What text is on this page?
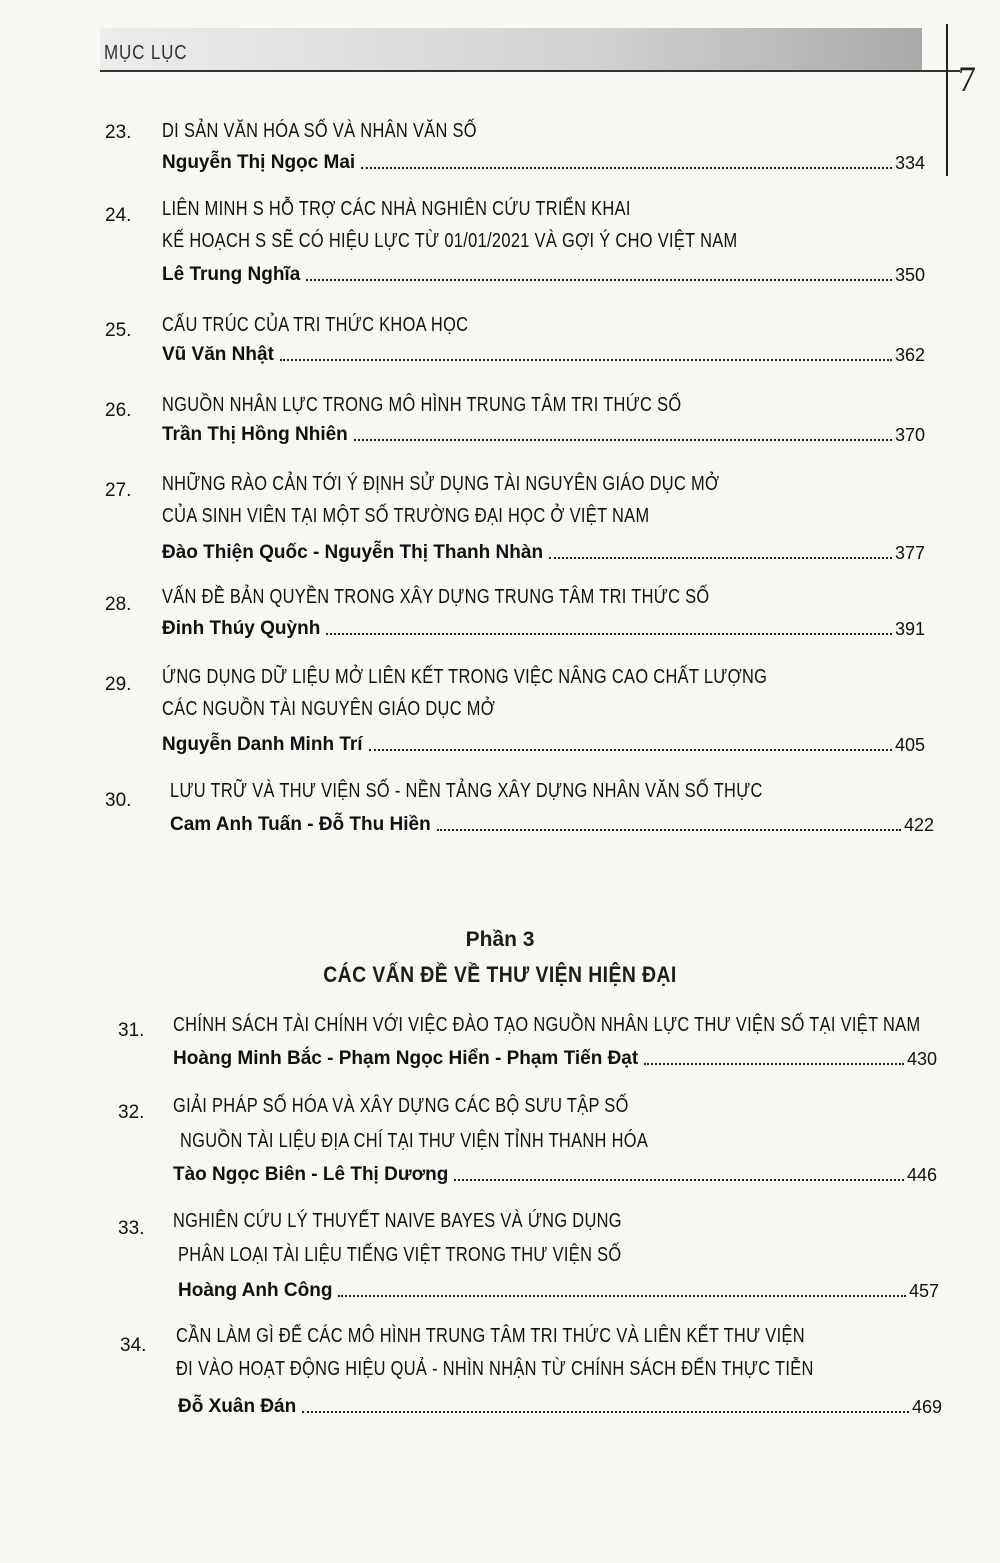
MỤC LỤC
7
23. DI SẢN VĂN HÓA SỐ VÀ NHÂN VĂN SỐ
Nguyễn Thị Ngọc Mai	334
24. LIÊN MINH S HỖ TRỢ CÁC NHÀ NGHIÊN CỨU TRIỂN KHAI
KẾ HOẠCH S SẼ CÓ HIỆU LỰC TỪ 01/01/2021 VÀ GỢI Ý CHO VIỆT NAM
Lê Trung Nghĩa	350
25. CẤU TRÚC CỦA TRI THỨC KHOA HỌC
Vũ Văn Nhật	362
26. NGUỒN NHÂN LỰC TRONG MÔ HÌNH TRUNG TÂM TRI THỨC SỐ
Trần Thị Hồng Nhiên	370
27. NHỮNG RÀO CẢN TỚI Ý ĐỊNH SỬ DỤNG TÀI NGUYÊN GIÁO DỤC MỞ
CỦA SINH VIÊN TẠI MỘT SỐ TRƯỜNG ĐẠI HỌC Ở VIỆT NAM
Đào Thiện Quốc - Nguyễn Thị Thanh Nhàn	377
28. VẤN ĐỀ BẢN QUYỀN TRONG XÂY DỰNG TRUNG TÂM TRI THỨC SỐ
Đinh Thúy Quỳnh	391
29. ỨNG DỤNG DỮ LIỆU MỞ LIÊN KẾT TRONG VIỆC NÂNG CAO CHẤT LƯỢNG
CÁC NGUỒN TÀI NGUYÊN GIÁO DỤC MỞ
Nguyễn Danh Minh Trí	405
30. LƯU TRỮ VÀ THƯ VIỆN SỐ - NỀN TẢNG XÂY DỰNG NHÂN VĂN SỐ THỰC
Cam Anh Tuấn - Đỗ Thu Hiền	422
Phần 3
CÁC VẤN ĐỀ VỀ THƯ VIỆN HIỆN ĐẠI
31. CHÍNH SÁCH TÀI CHÍNH VỚI VIỆC ĐÀO TẠO NGUỒN NHÂN LỰC THƯ VIỆN SỐ TẠI VIỆT NAM
Hoàng Minh Bắc - Phạm Ngọc Hiển - Phạm Tiến Đạt	430
32. GIẢI PHÁP SỐ HÓA VÀ XÂY DỰNG CÁC BỘ SƯU TẬP SỐ
NGUỒN TÀI LIỆU ĐỊA CHÍ TẠI THƯ VIỆN TỈNH THANH HÓA
Tào Ngọc Biên - Lê Thị Dương	446
33. NGHIÊN CỨU LÝ THUYẾT NAIVE BAYES VÀ ỨNG DỤNG
PHÂN LOẠI TÀI LIỆU TIẾNG VIỆT TRONG THƯ VIỆN SỐ
Hoàng Anh Công	457
34. CẦN LÀM GÌ ĐỂ CÁC MÔ HÌNH TRUNG TÂM TRI THỨC VÀ LIÊN KẾT THƯ VIỆN
ĐI VÀO HOẠT ĐỘNG HIỆU QUẢ - NHÌN NHẬN TỪ CHÍNH SÁCH ĐẾN THỰC TIỄN
Đỗ Xuân Đán	469
